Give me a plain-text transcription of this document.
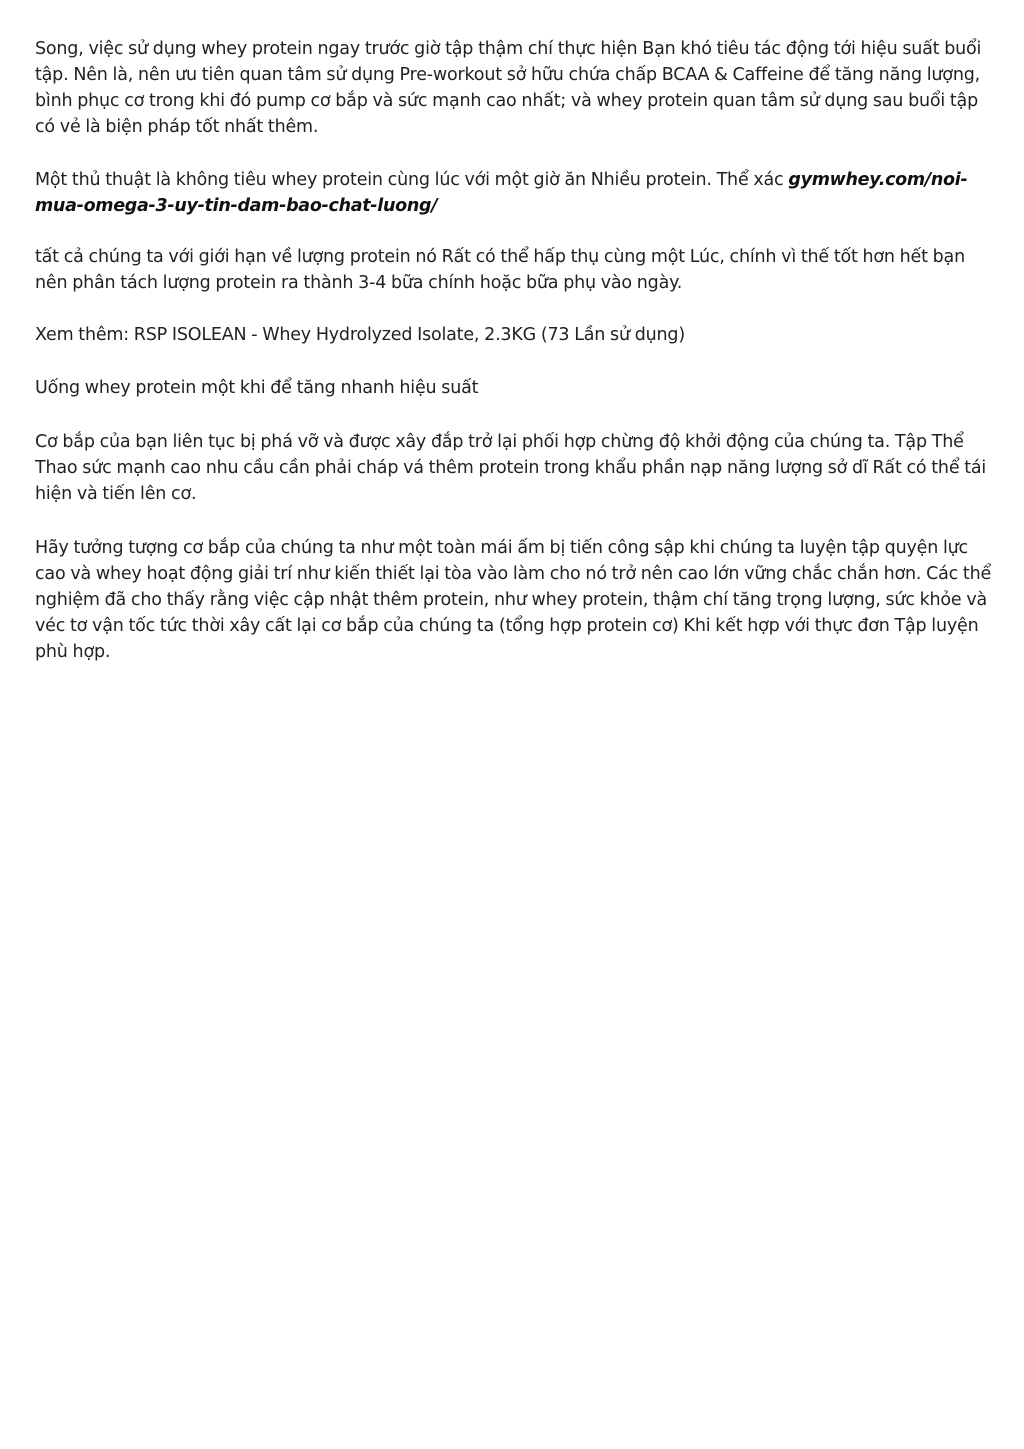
Song, việc sử dụng whey protein ngay trước giờ tập thậm chí thực hiện Bạn khó tiêu tác động tới hiệu suất buổi tập. Nên là, nên ưu tiên quan tâm sử dụng Pre-workout sở hữu chứa chấp BCAA & Caffeine để tăng năng lượng, bình phục cơ trong khi đó pump cơ bắp và sức mạnh cao nhất; và whey protein quan tâm sử dụng sau buổi tập có vẻ là biện pháp tốt nhất thêm.

Một thủ thuật là không tiêu whey protein cùng lúc với một giờ ăn Nhiều protein. Thể xác gymwhey.com/noi-mua-omega-3-uy-tin-dam-bao-chat-luong/

tất cả chúng ta với giới hạn về lượng protein nó Rất có thể hấp thụ cùng một Lúc, chính vì thế tốt hơn hết bạn nên phân tách lượng protein ra thành 3-4 bữa chính hoặc bữa phụ vào ngày.

Xem thêm: RSP ISOLEAN - Whey Hydrolyzed Isolate, 2.3KG (73 Lần sử dụng)

Uống whey protein một khi để tăng nhanh hiệu suất

Cơ bắp của bạn liên tục bị phá vỡ và được xây đắp trở lại phối hợp chừng độ khởi động của chúng ta. Tập Thể Thao sức mạnh cao nhu cầu cần phải cháp vá thêm protein trong khẩu phần nạp năng lượng sở dĩ Rất có thể tái hiện và tiến lên cơ.

Hãy tưởng tượng cơ bắp của chúng ta như một toàn mái ấm bị tiến công sập khi chúng ta luyện tập quyện lực cao và whey hoạt động giải trí như kiến thiết lại tòa vào làm cho nó trở nên cao lớn vững chắc chắn hơn. Các thể nghiệm đã cho thấy rằng việc cập nhật thêm protein, như whey protein, thậm chí tăng trọng lượng, sức khỏe và véc tơ vận tốc tức thời xây cất lại cơ bắp của chúng ta (tổng hợp protein cơ) Khi kết hợp với thực đơn Tập luyện phù hợp.
